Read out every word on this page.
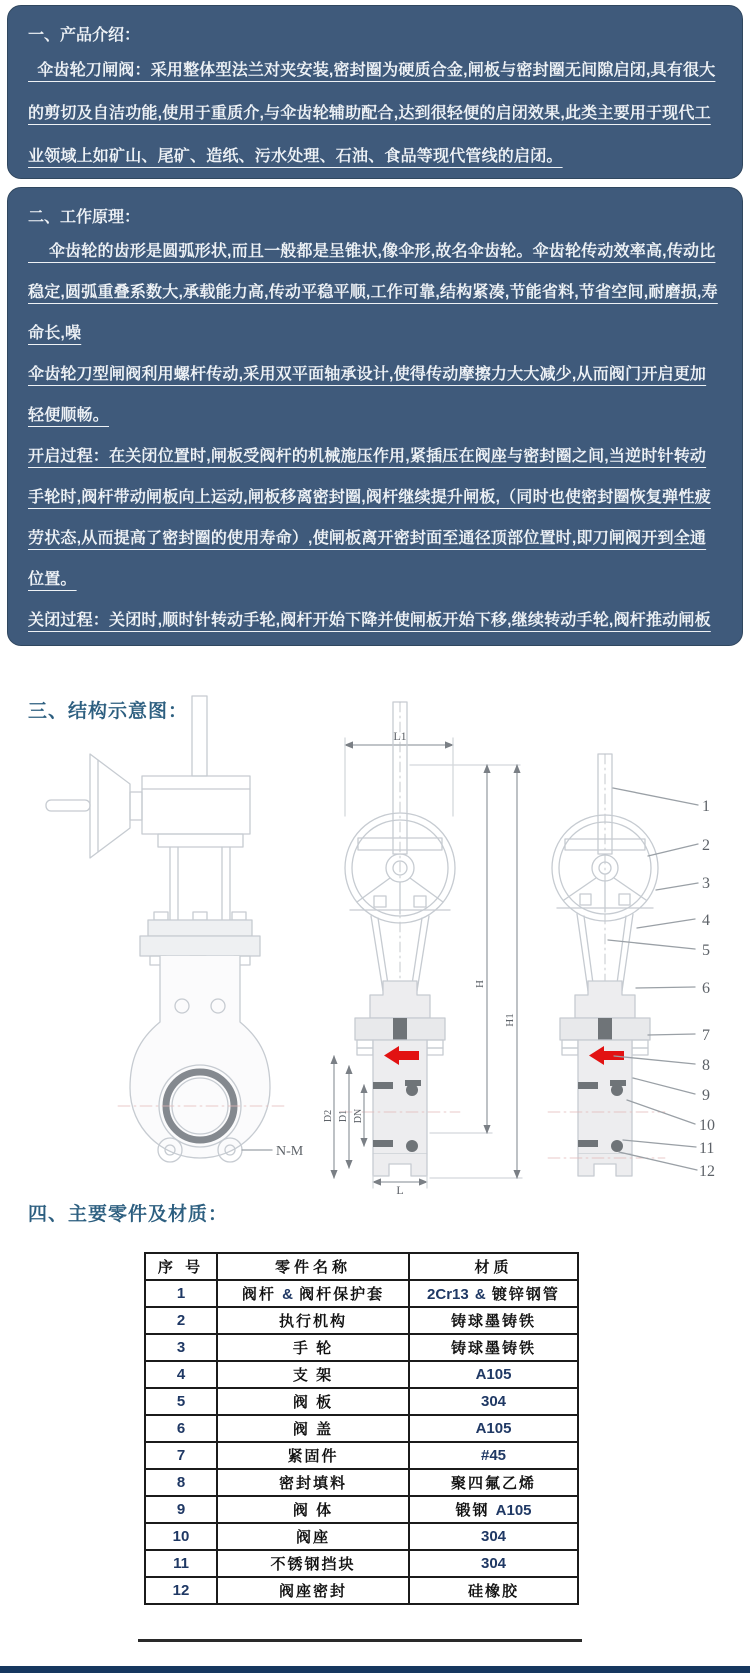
一、产品介绍：

伞齿轮刀闸阀：采用整体型法兰对夹安装,密封圈为硬质合金,闸板与密封圈无间隙启闭,具有很大的剪切及自洁功能,使用于重质介,与伞齿轮辅助配合,达到很轻便的启闭效果,此类主要用于现代工业领域上如矿山、尾矿、造纸、污水处理、石油、食品等现代管线的启闭。

二、工作原理：

　 伞齿轮的齿形是圆弧形状,而且一般都是呈锥状,像伞形,故名伞齿轮。伞齿轮传动效率高,传动比稳定,圆弧重叠系数大,承载能力高,传动平稳平顺,工作可靠,结构紧凑,节能省料,节省空间,耐磨损,寿命长,噪

伞齿轮刀型闸阀利用螺杆传动,采用双平面轴承设计,使得传动摩擦力大大减少,从而阀门开启更加轻便顺畅。

开启过程：在关闭位置时,闸板受阀杆的机械施压作用,紧插压在阀座与密封圈之间,当逆时针转动手轮时,阀杆带动闸板向上运动,闸板移离密封圈,阀杆继续提升闸板,（同时也使密封圈恢复弹性疲劳状态,从而提高了密封圈的使用寿命）,使闸板离开密封面至通径顶部位置时,即刀闸阀开到全通位置。

关闭过程：关闭时,顺时针转动手轮,阀杆开始下降并使闸板开始下移,继续转动手轮,阀杆推动闸板

三、结构示意图：
N-M
L1
D2 D1 DN
H
H1
L
1
2
3
4
5
6
7
8
9
10
11
12
四、主要零件及材质：
序 号	零件名称	材质
1	阀杆 & 阀杆保护套	2Cr13 & 镀锌钢管
2	执行机构	铸球墨铸铁
3	手 轮	铸球墨铸铁
4	支 架	A105
5	阀 板	304
6	阀 盖	A105
7	紧固件	#45
8	密封填料	聚四氟乙烯
9	阀 体	锻钢 A105
10	阀座	304
11	不锈钢挡块	304
12	阀座密封	硅橡胶
